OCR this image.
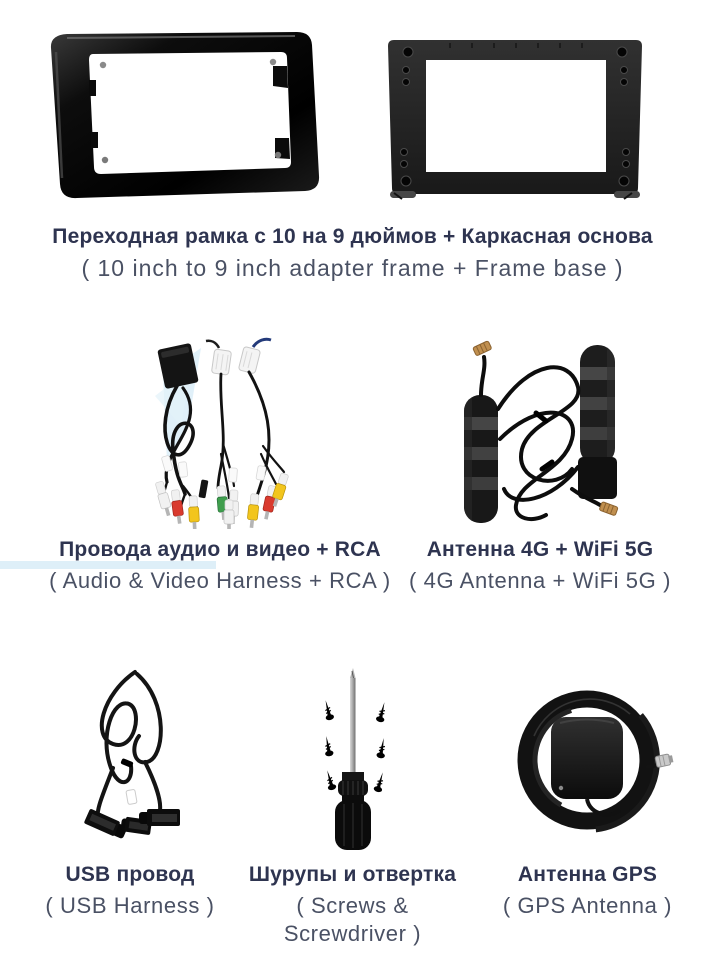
Переходная рамка с 10 на 9 дюймов + Каркасная основа

( 10 inch to 9 inch adapter frame + Frame base )

Провода аудио и видео + RCA

( Audio & Video Harness + RCA )

Антенна 4G + WiFi 5G

( 4G Antenna + WiFi 5G )

USB провод

( USB Harness )

Шурупы и отвертка

( Screws & Screwdriver )

Антенна GPS

( GPS Antenna )
